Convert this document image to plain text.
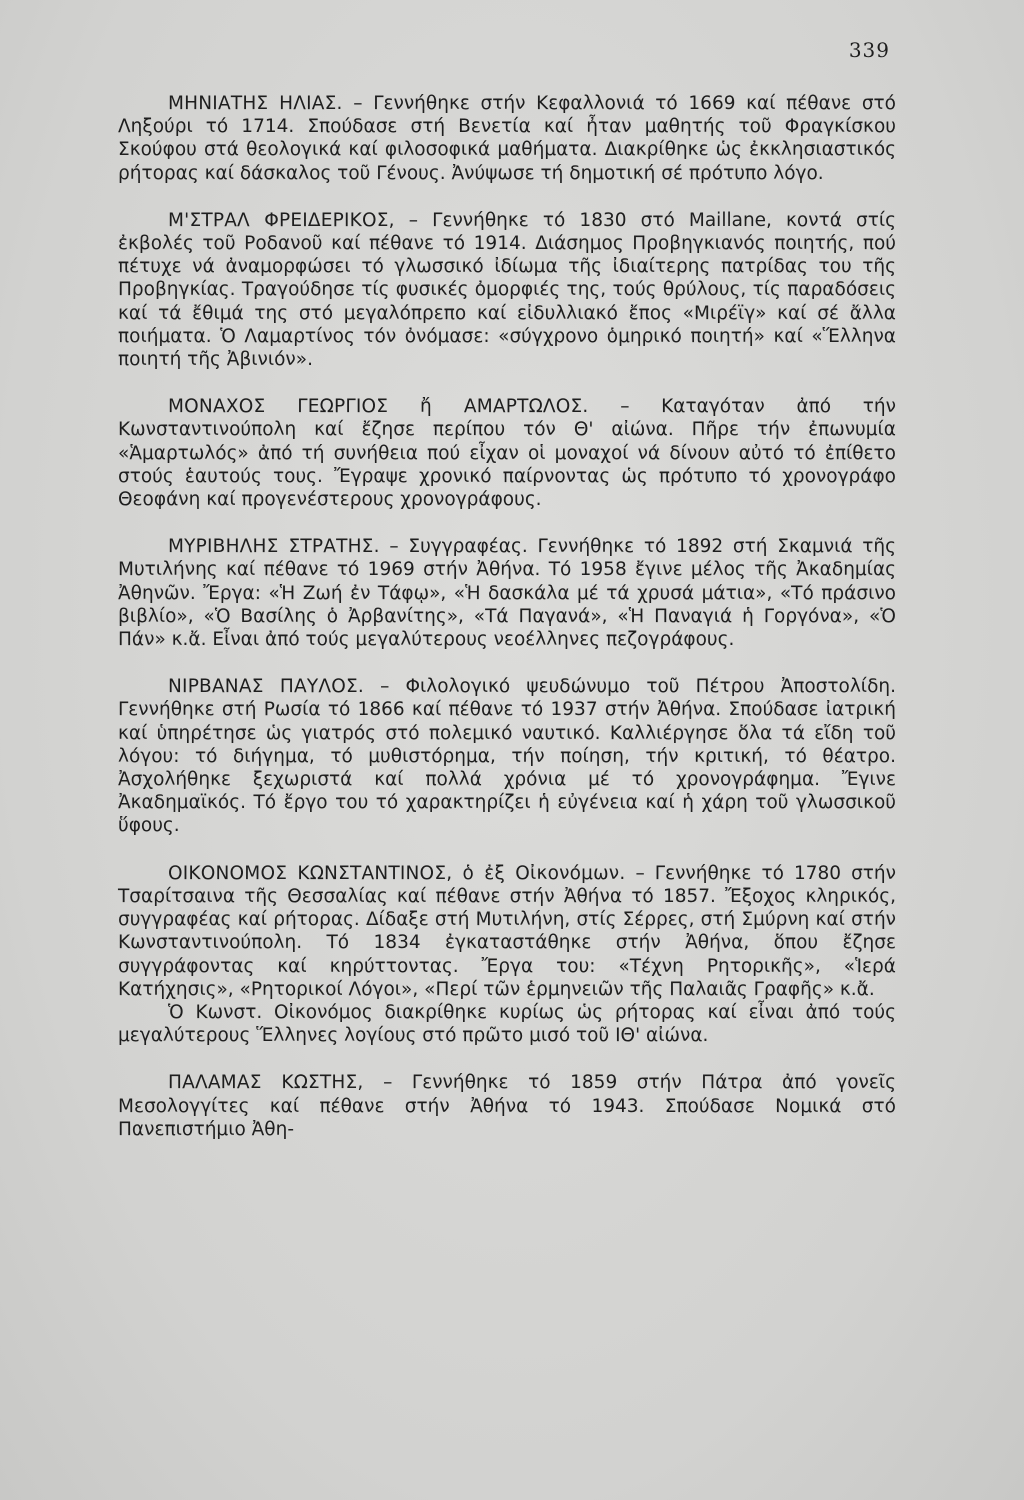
339

ΜΗΝΙΑΤΗΣ ΗΛΙΑΣ. – Γεννήθηκε στήν Κεφαλλονιά τό 1669 καί πέθανε στό Ληξούρι τό 1714. Σπούδασε στή Βενετία καί ἦταν μαθητής τοῦ Φραγκίσκου Σκούφου στά θεολογικά καί φιλοσοφικά μαθήματα. Διακρίθηκε ὡς ἐκκλησιαστικός ρήτορας καί δάσκαλος τοῦ Γένους. Ἀνύψωσε τή δημοτική σέ πρότυπο λόγο.

Μ'ΣΤΡΑΛ ΦΡΕΙΔΕΡΙΚΟΣ, – Γεννήθηκε τό 1830 στό Maillane, κοντά στίς ἐκβολές τοῦ Ροδανοῦ καί πέθανε τό 1914. Διάσημος Προβηγκιανός ποιητής, πού πέτυχε νά ἀναμορφώσει τό γλωσσικό ἰδίωμα τῆς ἰδιαίτερης πατρίδας του τῆς Προβηγκίας. Τραγούδησε τίς φυσικές ὀμορφιές της, τούς θρύλους, τίς παραδόσεις καί τά ἔθιμά της στό μεγαλόπρεπο καί εἰδυλλιακό ἔπος «Μιρέϊγ» καί σέ ἄλλα ποιήματα. Ὁ Λαμαρτίνος τόν ὀνόμασε: «σύγχρονο ὁμηρικό ποιητή» καί «Ἕλληνα ποιητή τῆς Ἀβινιόν».

ΜΟΝΑΧΟΣ ΓΕΩΡΓΙΟΣ ἤ ΑΜΑΡΤΩΛΟΣ. – Καταγόταν ἀπό τήν Κωνσταντινούπολη καί ἔζησε περίπου τόν Θ' αἰώνα. Πῆρε τήν ἐπωνυμία «Ἁμαρτωλός» ἀπό τή συνήθεια πού εἶχαν οἱ μοναχοί νά δίνουν αὐτό τό ἐπίθετο στούς ἑαυτούς τους. Ἔγραψε χρονικό παίρνοντας ὡς πρότυπο τό χρονογράφο Θεοφάνη καί προγενέστερους χρονογράφους.

ΜΥΡΙΒΗΛΗΣ ΣΤΡΑΤΗΣ. – Συγγραφέας. Γεννήθηκε τό 1892 στή Σκαμνιά τῆς Μυτιλήνης καί πέθανε τό 1969 στήν Ἀθήνα. Τό 1958 ἔγινε μέλος τῆς Ἀκαδημίας Ἀθηνῶν. Ἔργα: «Ἡ Ζωή ἐν Τάφῳ», «Ἡ δασκάλα μέ τά χρυσά μάτια», «Τό πράσινο βιβλίο», «Ὁ Βασίλης ὁ Ἀρβανίτης», «Τά Παγανά», «Ἡ Παναγιά ἡ Γοργόνα», «Ὁ Πάν» κ.ἄ. Εἶναι ἀπό τούς μεγαλύτερους νεοέλληνες πεζογράφους.

ΝΙΡΒΑΝΑΣ ΠΑΥΛΟΣ. – Φιλολογικό ψευδώνυμο τοῦ Πέτρου Ἀποστολίδη. Γεννήθηκε στή Ρωσία τό 1866 καί πέθανε τό 1937 στήν Ἀθήνα. Σπούδασε ἰατρική καί ὑπηρέτησε ὡς γιατρός στό πολεμικό ναυτικό. Καλλιέργησε ὅλα τά εἴδη τοῦ λόγου: τό διήγημα, τό μυθιστόρημα, τήν ποίηση, τήν κριτική, τό θέατρο. Ἀσχολήθηκε ξεχωριστά καί πολλά χρόνια μέ τό χρονογράφημα. Ἔγινε Ἀκαδημαϊκός. Τό ἔργο του τό χαρακτηρίζει ἡ εὐγένεια καί ἡ χάρη τοῦ γλωσσικοῦ ὕφους.

ΟΙΚΟΝΟΜΟΣ ΚΩΝΣΤΑΝΤΙΝΟΣ, ὁ ἐξ Οἰκονόμων. – Γεννήθηκε τό 1780 στήν Τσαρίτσαινα τῆς Θεσσαλίας καί πέθανε στήν Ἀθήνα τό 1857. Ἔξοχος κληρικός, συγγραφέας καί ρήτορας. Δίδαξε στή Μυτιλήνη, στίς Σέρρες, στή Σμύρνη καί στήν Κωνσταντινούπολη. Τό 1834 ἐγκαταστάθηκε στήν Ἀθήνα, ὅπου ἔζησε συγγράφοντας καί κηρύττοντας. Ἔργα του: «Τέχνη Ρητορικῆς», «Ἱερά Κατήχησις», «Ρητορικοί Λόγοι», «Περί τῶν ἑρμηνειῶν τῆς Παλαιᾶς Γραφῆς» κ.ἄ.

Ὁ Κωνστ. Οἰκονόμος διακρίθηκε κυρίως ὡς ρήτορας καί εἶναι ἀπό τούς μεγαλύτερους Ἕλληνες λογίους στό πρῶτο μισό τοῦ ΙΘ' αἰώνα.

ΠΑΛΑΜΑΣ ΚΩΣΤΗΣ, – Γεννήθηκε τό 1859 στήν Πάτρα ἀπό γονεῖς Μεσολογγίτες καί πέθανε στήν Ἀθήνα τό 1943. Σπούδασε Νομικά στό Πανεπιστήμιο Ἀθη-
